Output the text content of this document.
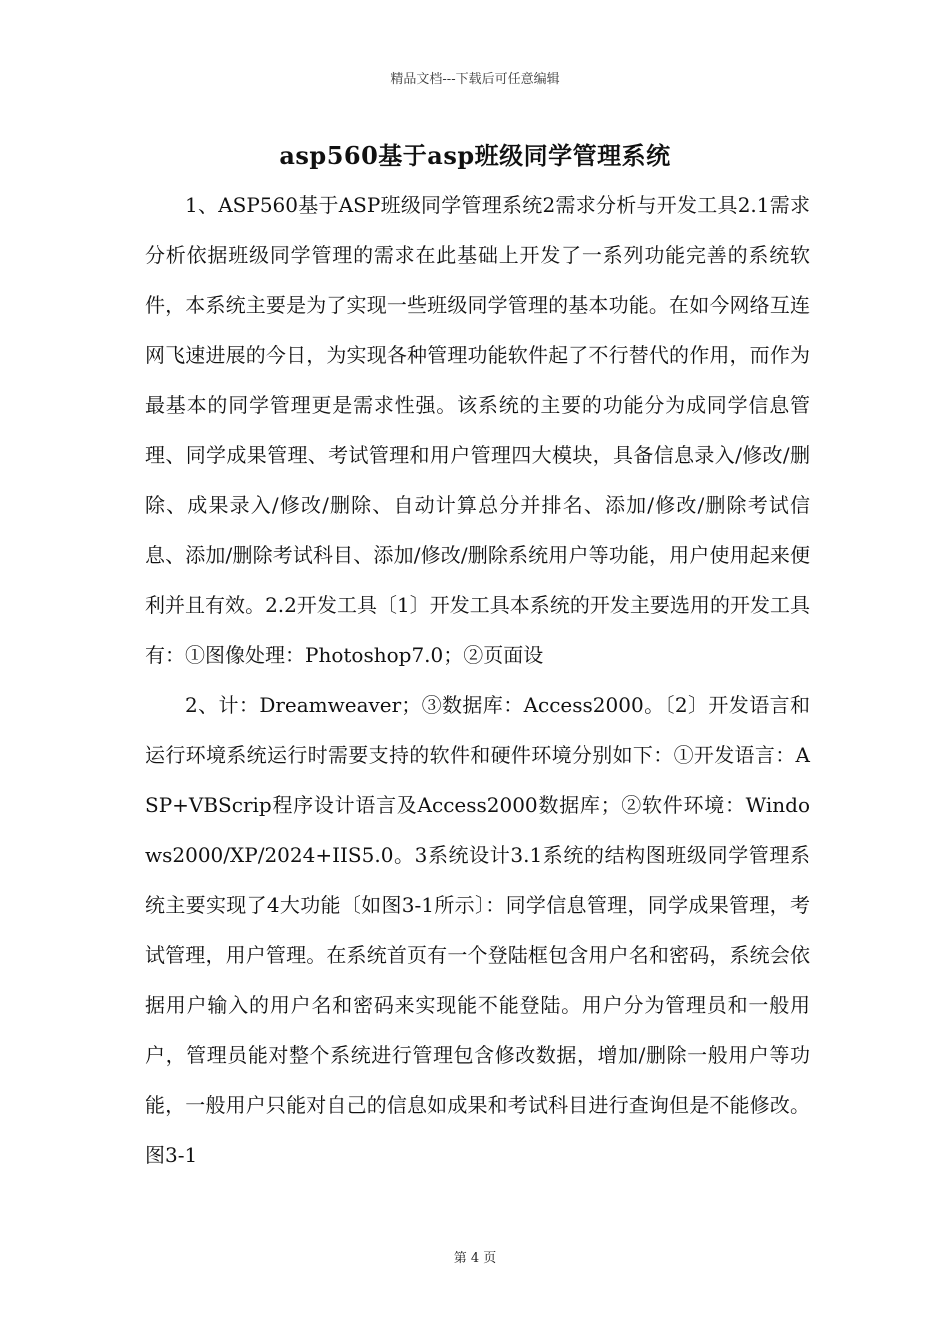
精品文档---下载后可任意编辑
asp560基于asp班级同学管理系统

1、ASP560基于ASP班级同学管理系统2需求分析与开发工具2.1需求分析依据班级同学管理的需求在此基础上开发了一系列功能完善的系统软件，本系统主要是为了实现一些班级同学管理的基本功能。在如今网络互连网飞速进展的今日，为实现各种管理功能软件起了不行替代的作用，而作为最基本的同学管理更是需求性强。该系统的主要的功能分为成同学信息管理、同学成果管理、考试管理和用户管理四大模块，具备信息录入/修改/删除、成果录入/修改/删除、自动计算总分并排名、添加/修改/删除考试信息、添加/删除考试科目、添加/修改/删除系统用户等功能，用户使用起来便利并且有效。2.2开发工具〔1〕开发工具本系统的开发主要选用的开发工具有：①图像处理：Photoshop7.0；②页面设

2、计：Dreamweaver；③数据库：Access2000。〔2〕开发语言和运行环境系统运行时需要支持的软件和硬件环境分别如下：①开发语言：ASP+VBScrip程序设计语言及Access2000数据库；②软件环境：Windows2000/XP/2024+IIS5.0。3系统设计3.1系统的结构图班级同学管理系统主要实现了4大功能〔如图3-1所示〕：同学信息管理，同学成果管理，考试管理，用户管理。在系统首页有一个登陆框包含用户名和密码，系统会依据用户输入的用户名和密码来实现能不能登陆。用户分为管理员和一般用户，管理员能对整个系统进行管理包含修改数据，增加/删除一般用户等功能，一般用户只能对自己的信息如成果和考试科目进行查询但是不能修改。图3-1

第 4 页
